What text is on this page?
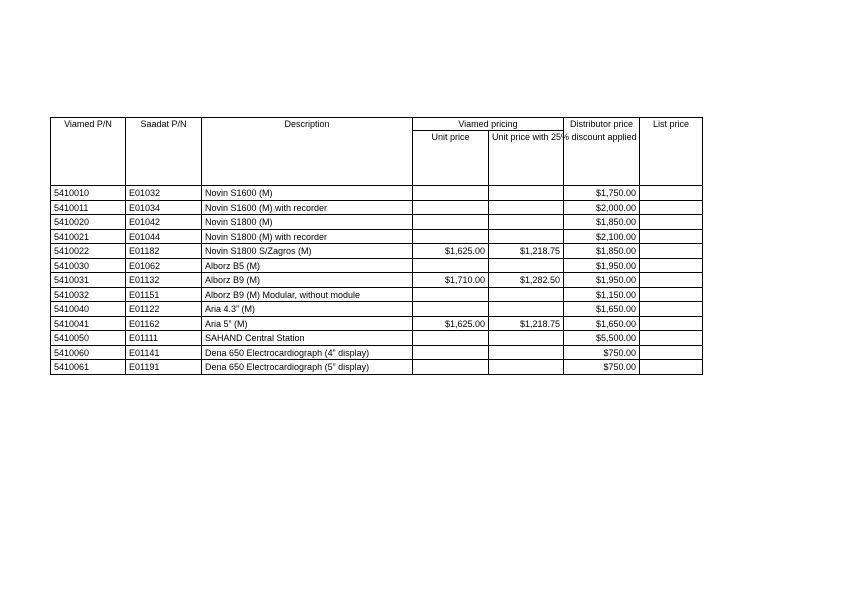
Viamed P/N	Saadat P/N	Description	Viamed pricing		Distributor price	List price
			Unit price	Unit price with 25% discount applied		
5410010	E01032	Novin S1600 (M)			$1,750.00	
5410011	E01034	Novin S1600 (M) with recorder			$2,000.00	
5410020	E01042	Novin S1800 (M)			$1,850.00	
5410021	E01044	Novin S1800 (M) with recorder			$2,100.00	
5410022	E01182	Novin S1800 S/Zagros (M)	$1,625.00	$1,218.75	$1,850.00	
5410030	E01062	Alborz B5 (M)			$1,950.00	
5410031	E01132	Alborz B9 (M)	$1,710.00	$1,282.50	$1,950.00	
5410032	E01151	Alborz B9 (M) Modular, without module			$1,150.00	
5410040	E01122	Aria 4.3” (M)			$1,650.00	
5410041	E01162	Aria 5” (M)	$1,625.00	$1,218.75	$1,650.00	
5410050	E01111	SAHAND Central Station			$5,500.00	
5410060	E01141	Dena 650 Electrocardiograph (4” display)			$750.00	
5410061	E01191	Dena 650 Electrocardiograph (5” display)			$750.00	
